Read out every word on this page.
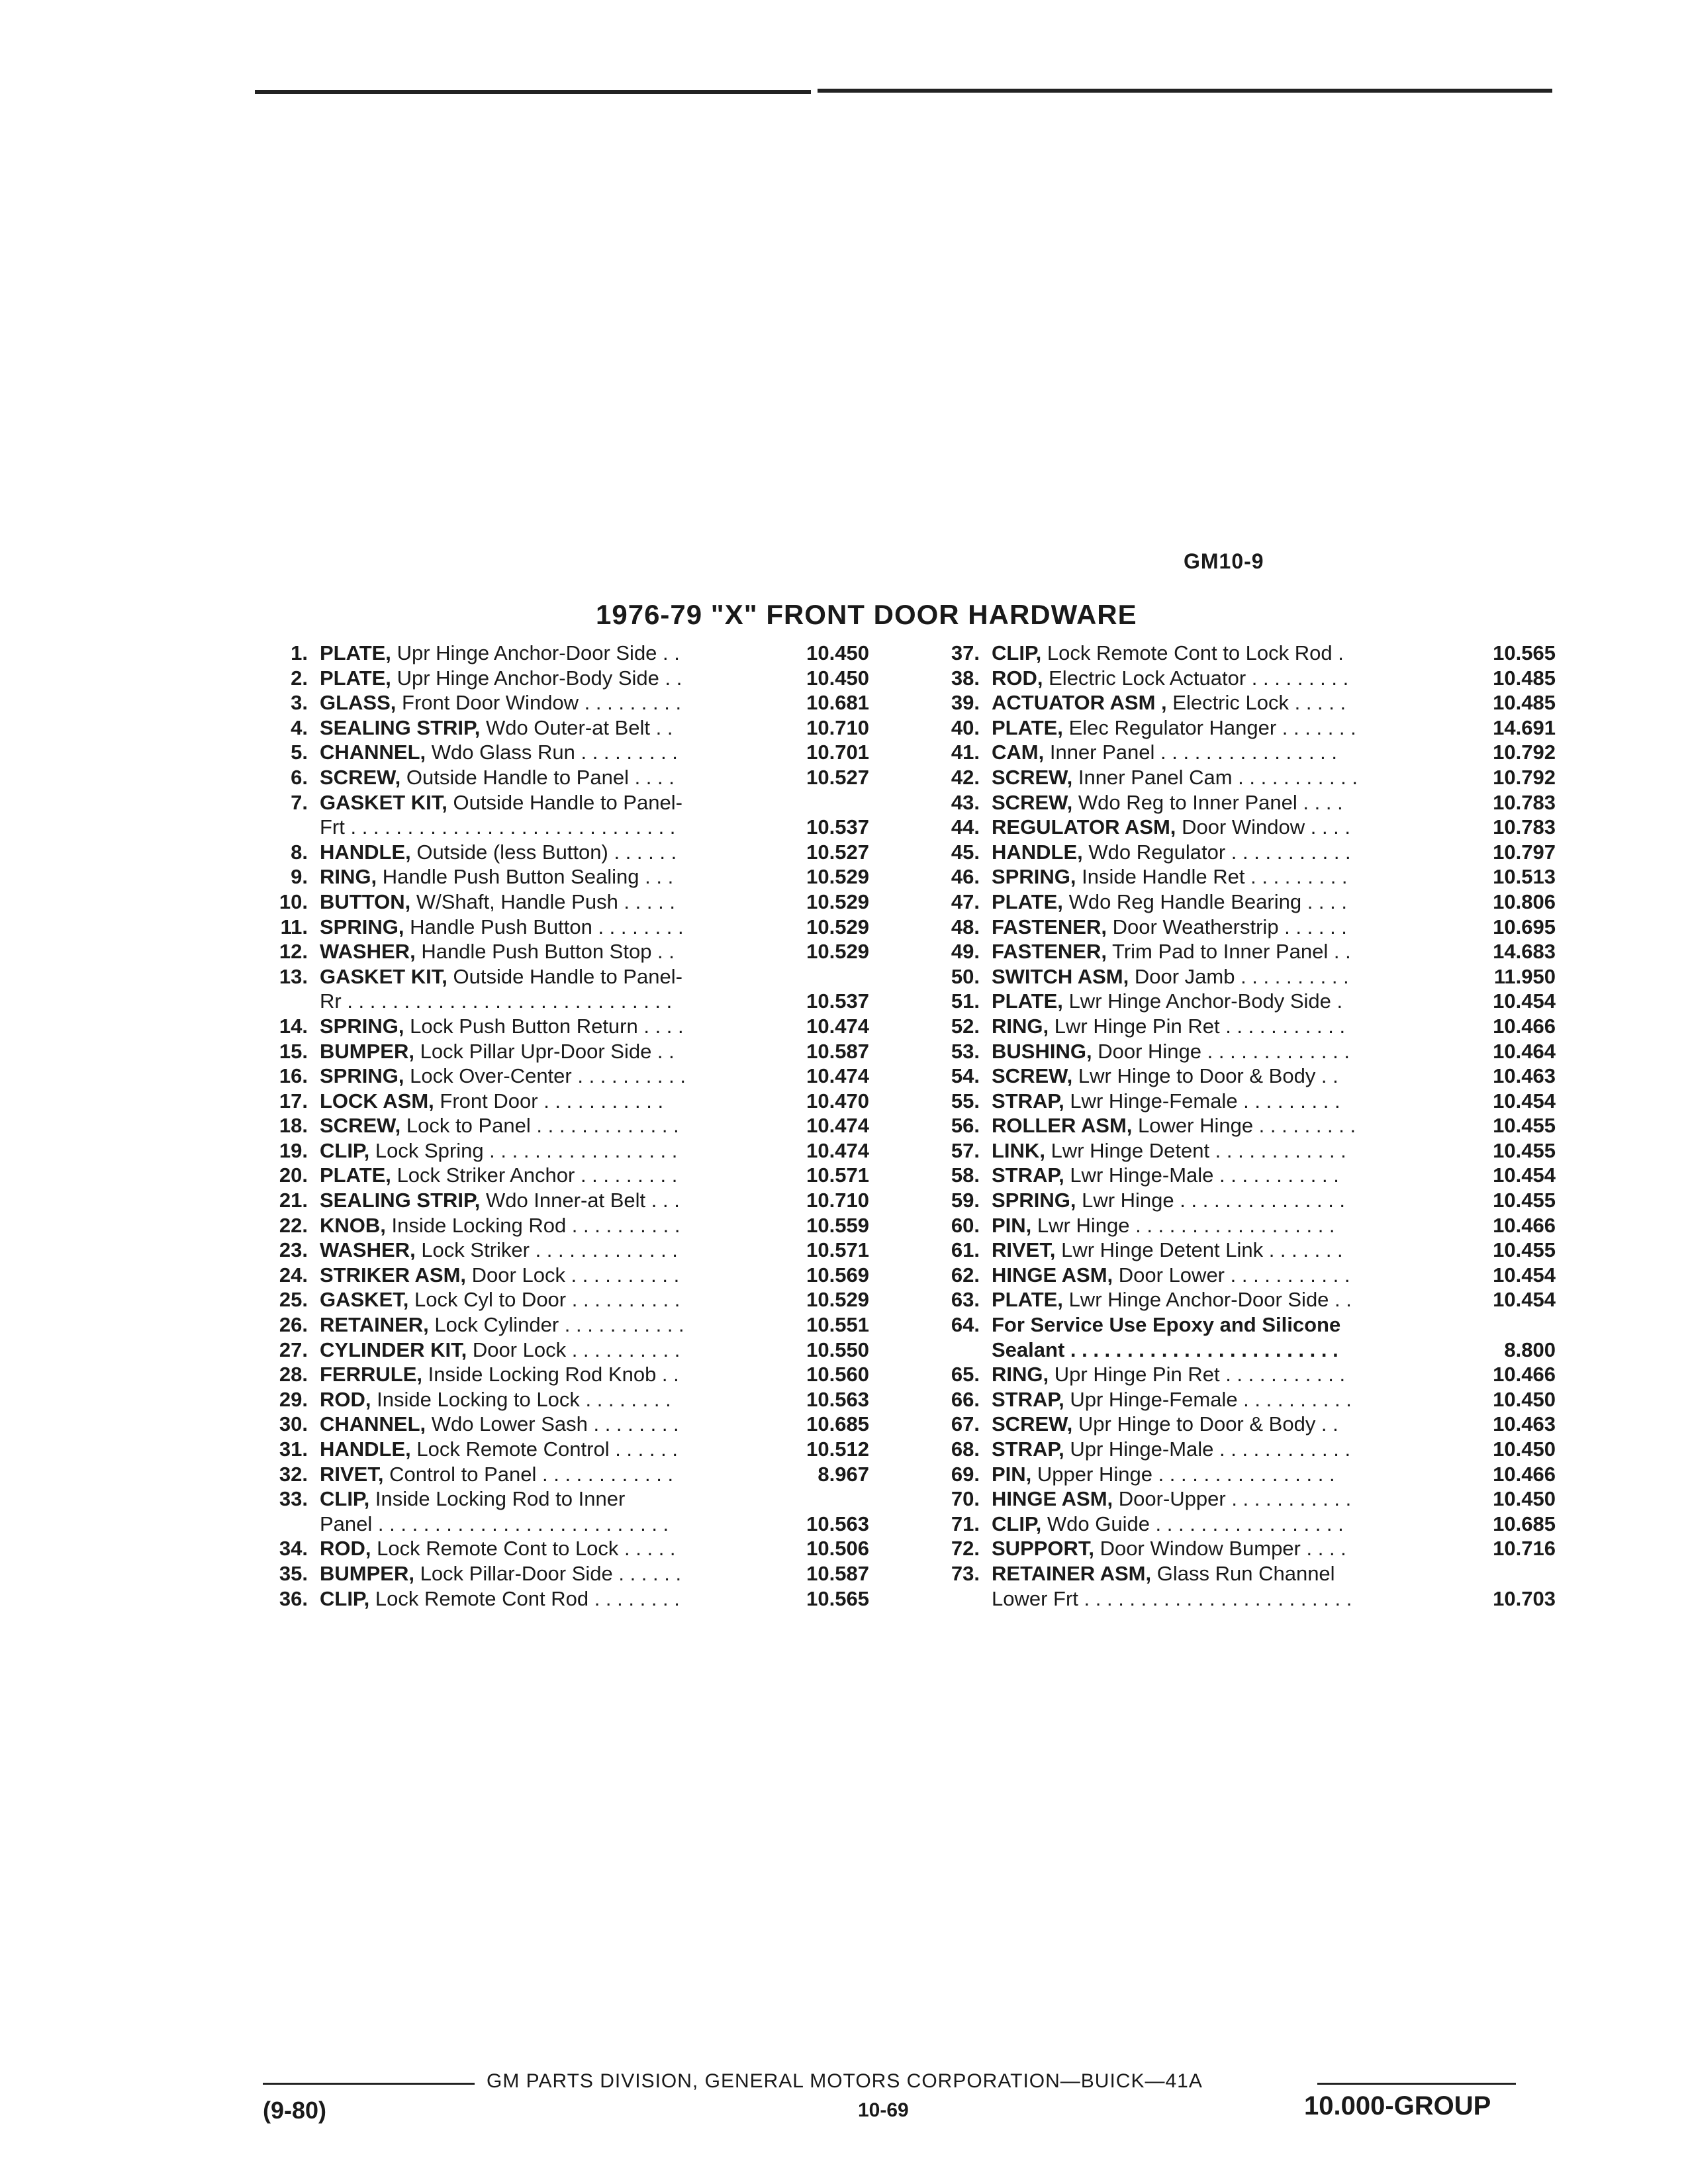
GM10-9
1976-79 "X" FRONT DOOR HARDWARE
1. PLATE, Upr Hinge Anchor-Door Side . .	10.450
2. PLATE, Upr Hinge Anchor-Body Side . .	10.450
3. GLASS, Front Door Window . . . . . . . . .	10.681
4. SEALING STRIP, Wdo Outer-at Belt . .	10.710
5. CHANNEL, Wdo Glass Run . . . . . . . . .	10.701
6. SCREW, Outside Handle to Panel . . . .	10.527
7. GASKET KIT, Outside Handle to Panel-
Frt . . . . . . . . . . . . . . . . . . . . . . . . . . . . .	10.537
8. HANDLE, Outside (less Button) . . . . . .	10.527
9. RING, Handle Push Button Sealing . . .	10.529
10. BUTTON, W/Shaft, Handle Push . . . . .	10.529
11. SPRING, Handle Push Button . . . . . . . .	10.529
12. WASHER, Handle Push Button Stop . .	10.529
13. GASKET KIT, Outside Handle to Panel-
Rr . . . . . . . . . . . . . . . . . . . . . . . . . . . . .	10.537
14. SPRING, Lock Push Button Return . . . .	10.474
15. BUMPER, Lock Pillar Upr-Door Side . .	10.587
16. SPRING, Lock Over-Center . . . . . . . . . .	10.474
17. LOCK ASM, Front Door . . . . . . . . . . .	10.470
18. SCREW, Lock to Panel . . . . . . . . . . . . .	10.474
19. CLIP, Lock Spring . . . . . . . . . . . . . . . . .	10.474
20. PLATE, Lock Striker Anchor . . . . . . . . .	10.571
21. SEALING STRIP, Wdo Inner-at Belt . . .	10.710
22. KNOB, Inside Locking Rod . . . . . . . . . .	10.559
23. WASHER, Lock Striker . . . . . . . . . . . . .	10.571
24. STRIKER ASM, Door Lock . . . . . . . . . .	10.569
25. GASKET, Lock Cyl to Door . . . . . . . . . .	10.529
26. RETAINER, Lock Cylinder . . . . . . . . . . .	10.551
27. CYLINDER KIT, Door Lock . . . . . . . . . .	10.550
28. FERRULE, Inside Locking Rod Knob . .	10.560
29. ROD, Inside Locking to Lock . . . . . . . .	10.563
30. CHANNEL, Wdo Lower Sash . . . . . . . .	10.685
31. HANDLE, Lock Remote Control . . . . . .	10.512
32. RIVET, Control to Panel . . . . . . . . . . . .	8.967
33. CLIP, Inside Locking Rod to Inner
Panel . . . . . . . . . . . . . . . . . . . . . . . . . .	10.563
34. ROD, Lock Remote Cont to Lock . . . . .	10.506
35. BUMPER, Lock Pillar-Door Side . . . . . .	10.587
36. CLIP, Lock Remote Cont Rod . . . . . . . .	10.565
37. CLIP, Lock Remote Cont to Lock Rod .	10.565
38. ROD, Electric Lock Actuator . . . . . . . . .	10.485
39. ACTUATOR ASM , Electric Lock . . . . .	10.485
40. PLATE, Elec Regulator Hanger . . . . . . .	14.691
41. CAM, Inner Panel . . . . . . . . . . . . . . . .	10.792
42. SCREW, Inner Panel Cam . . . . . . . . . . .	10.792
43. SCREW, Wdo Reg to Inner Panel . . . .	10.783
44. REGULATOR ASM, Door Window . . . .	10.783
45. HANDLE, Wdo Regulator . . . . . . . . . . .	10.797
46. SPRING, Inside Handle Ret . . . . . . . . .	10.513
47. PLATE, Wdo Reg Handle Bearing . . . .	10.806
48. FASTENER, Door Weatherstrip . . . . . .	10.695
49. FASTENER, Trim Pad to Inner Panel . .	14.683
50. SWITCH ASM, Door Jamb . . . . . . . . . .	11.950
51. PLATE, Lwr Hinge Anchor-Body Side .	10.454
52. RING, Lwr Hinge Pin Ret . . . . . . . . . . .	10.466
53. BUSHING, Door Hinge . . . . . . . . . . . . .	10.464
54. SCREW, Lwr Hinge to Door & Body . .	10.463
55. STRAP, Lwr Hinge-Female . . . . . . . . .	10.454
56. ROLLER ASM, Lower Hinge . . . . . . . . .	10.455
57. LINK, Lwr Hinge Detent . . . . . . . . . . . .	10.455
58. STRAP, Lwr Hinge-Male . . . . . . . . . . .	10.454
59. SPRING, Lwr Hinge . . . . . . . . . . . . . . .	10.455
60. PIN, Lwr Hinge . . . . . . . . . . . . . . . . . .	10.466
61. RIVET, Lwr Hinge Detent Link . . . . . . .	10.455
62. HINGE ASM, Door Lower . . . . . . . . . . .	10.454
63. PLATE, Lwr Hinge Anchor-Door Side . .	10.454
64. For Service Use Epoxy and Silicone
Sealant . . . . . . . . . . . . . . . . . . . . . . . .	8.800
65. RING, Upr Hinge Pin Ret . . . . . . . . . . .	10.466
66. STRAP, Upr Hinge-Female . . . . . . . . . .	10.450
67. SCREW, Upr Hinge to Door & Body . .	10.463
68. STRAP, Upr Hinge-Male . . . . . . . . . . . .	10.450
69. PIN, Upper Hinge . . . . . . . . . . . . . . . .	10.466
70. HINGE ASM, Door-Upper . . . . . . . . . . .	10.450
71. CLIP, Wdo Guide . . . . . . . . . . . . . . . . .	10.685
72. SUPPORT, Door Window Bumper . . . .	10.716
73. RETAINER ASM, Glass Run Channel
Lower Frt . . . . . . . . . . . . . . . . . . . . . . . .	10.703
GM PARTS DIVISION, GENERAL MOTORS CORPORATION—BUICK—41A
(9-80)	10-69	10.000-GROUP
